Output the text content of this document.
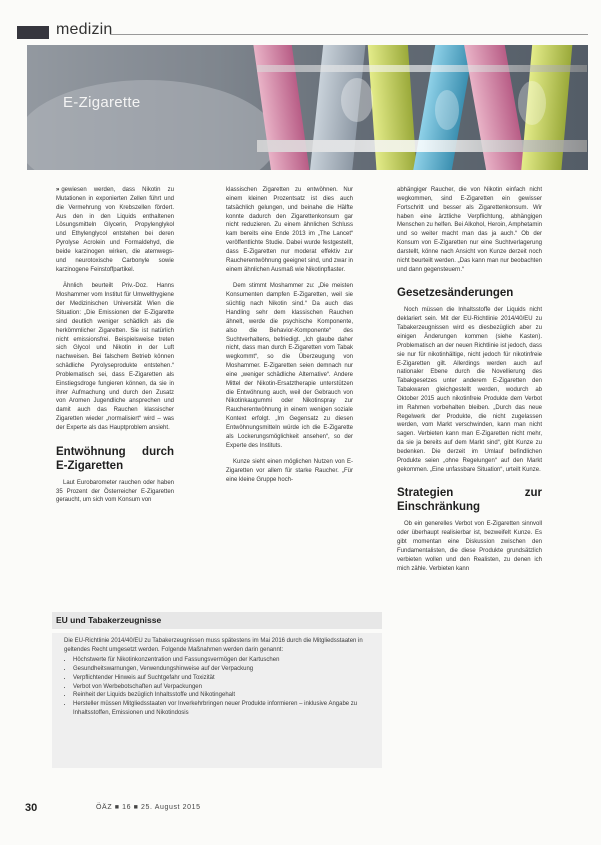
medizin
E-Zigarette

» gewiesen werden, dass Nikotin zu Mutationen in exponierten Zellen führt und die Vermehrung von Krebszellen fördert. Aus den in den Liquids enthaltenen Lösungsmitteln Glycerin, Propylenglykol und Ethylenglycol entstehen bei deren Pyrolyse Acrolein und Formaldehyd, die beide karzinogen wirken, die atemwegs- und neurotoxische Carbonyle sowie karzinogene Feinstoffpartikel.

Ähnlich beurteilt Priv.-Doz. Hanns Moshammer vom Institut für Umwelthygiene der Medizinischen Universität Wien die Situation: „Die Emissionen der E-Zigarette sind deutlich weniger schädlich als die herkömmlicher Zigaretten. Sie ist natürlich nicht emissionsfrei. Beispielsweise treten sich Glycol und Nikotin in der Luft nachweisen. Bei falschem Betrieb können schädliche Pyrolyseprodukte entstehen.“ Problematisch sei, dass E-Zigaretten als Einstiegsdroge fungieren können, da sie in ihrer Aufmachung und durch den Zusatz von Aromen Jugendliche ansprechen und damit auch das Rauchen klassischer Zigaretten wieder „normalisiert“ wird – was der Experte als das Hauptproblem ansieht.

Entwöhnung durch E-Zigaretten

Laut Eurobarometer rauchen oder haben 35 Prozent der Österreicher E-Zigaretten geraucht, um sich vom Konsum von

klassischen Zigaretten zu entwöhnen. Nur einem kleinen Prozentsatz ist dies auch tatsächlich gelungen, und beinahe die Hälfte konnte dadurch den Zigarettenkonsum gar nicht reduzieren. Zu einem ähnlichen Schluss kam bereits eine Ende 2013 im „The Lancet“ veröffentlichte Studie. Dabei wurde festgestellt, dass E-Zigaretten nur moderat effektiv zur Raucherentwöhnung geeignet sind, und zwar in einem ähnlichen Ausmaß wie Nikotinpflaster.

Dem stimmt Moshammer zu: „Die meisten Konsumenten dampfen E-Zigaretten, weil sie süchtig nach Nikotin sind.“ Da auch das Handling sehr dem klassischen Rauchen ähnelt, werde die psychische Komponente, also die Behavior-Komponente“ des Suchtverhaltens, befriedigt. „Ich glaube daher nicht, dass man durch E-Zigaretten vom Tabak wegkommt“, so die Überzeugung von Moshammer. E-Zigaretten seien demnach nur eine „weniger schädliche Alternative“. Andere Mittel der Nikotin-Ersatztherapie unterstützen die Entwöhnung auch, weil der Gebrauch von Nikotinkaugummi oder Nikotinspray zur Raucherentwöhnung in einem wenigen soziale Kontext erfolgt. „Im Gegensatz zu diesen Entwöhnungsmitteln würde ich die E-Zigarette als Lockerungsmöglichkeit ansehen“, so der Experte des Instituts.

Kunze sieht einen möglichen Nutzen von E-Zigaretten vor allem für starke Raucher. „Für eine kleine Gruppe hoch-

abhängiger Raucher, die von Nikotin einfach nicht wegkommen, sind E-Zigaretten ein gewisser Fortschritt und besser als Zigarettenkonsum. Wir haben eine ärztliche Verpflichtung, abhängigen Menschen zu helfen. Bei Alkohol, Heroin, Amphetamin und so weiter macht man das ja auch.“ Ob der Konsum von E-Zigaretten nur eine Suchtverlagerung darstellt, könne nach Ansicht von Kunze derzeit noch nicht beurteilt werden. „Das kann man nur beobachten und dann gegensteuern.“

Gesetzesänderungen

Noch müssen die Inhaltsstoffe der Liquids nicht deklariert sein. Mit der EU-Richtlinie 2014/40/EU zu Tabakerzeugnissen wird es diesbezüglich aber zu einigen Änderungen kommen (siehe Kasten). Problematisch an der neuen Richtlinie ist jedoch, dass sie nur für nikotinhältige, nicht jedoch für nikotinfreie E-Zigaretten gilt. Allerdings werden auch auf nationaler Ebene durch die Novellierung des Tabakgesetzes unter anderem E-Zigaretten den Tabakwaren gleichgestellt werden, wodurch ab Oktober 2015 auch nikotinfreie Produkte dem Verbot im Rahmen vorbehalten bleiben. „Durch das neue Regelwerk der Produkte, die nicht zugelassen werden, vom Markt verschwinden, kann man nicht sagen. Verbieten kann man E-Zigaretten nicht mehr, da sie ja bereits auf dem Markt sind“, gibt Kunze zu bedenken. Die derzeit im Umlauf befindlichen Produkte seien „ohne Regelungen“ auf den Markt gekommen. „Eine unfassbare Situation“, urteilt Kunze.

Strategien zur Einschränkung

Ob ein generelles Verbot von E-Zigaretten sinnvoll oder überhaupt realisierbar ist, bezweifelt Kunze. Es gibt momentan eine Diskussion zwischen den Fundamentalisten, die diese Produkte grundsätzlich verbieten wollen und den Realisten, zu denen ich mich zähle. Verbieten kann

EU und Tabakerzeugnisse
Die EU-Richtlinie 2014/40/EU zu Tabakerzeugnissen muss spätestens im Mai 2016 durch die Mitgliedsstaaten in geltendes Recht umgesetzt werden. Folgende Maßnahmen werden darin genannt:
• Höchstwerte für Nikotinkonzentration und Fassungsvermögen der Kartuschen
• Gesundheitswarnungen, Verwendungshinweise auf der Verpackung
• Verpflichtender Hinweis auf Suchtgefahr und Toxizität
• Verbot von Werbebotschaften auf Verpackungen
• Reinheit der Liquids bezüglich Inhaltsstoffe und Nikotingehalt
• Hersteller müssen Mitgliedsstaaten vor Inverkehrbringen neuer Produkte informieren – inklusive Angabe zu Inhaltsstoffen, Emissionen und Nikotindosis
30	ÖÄZ ■ 16 ■ 25. August 2015
